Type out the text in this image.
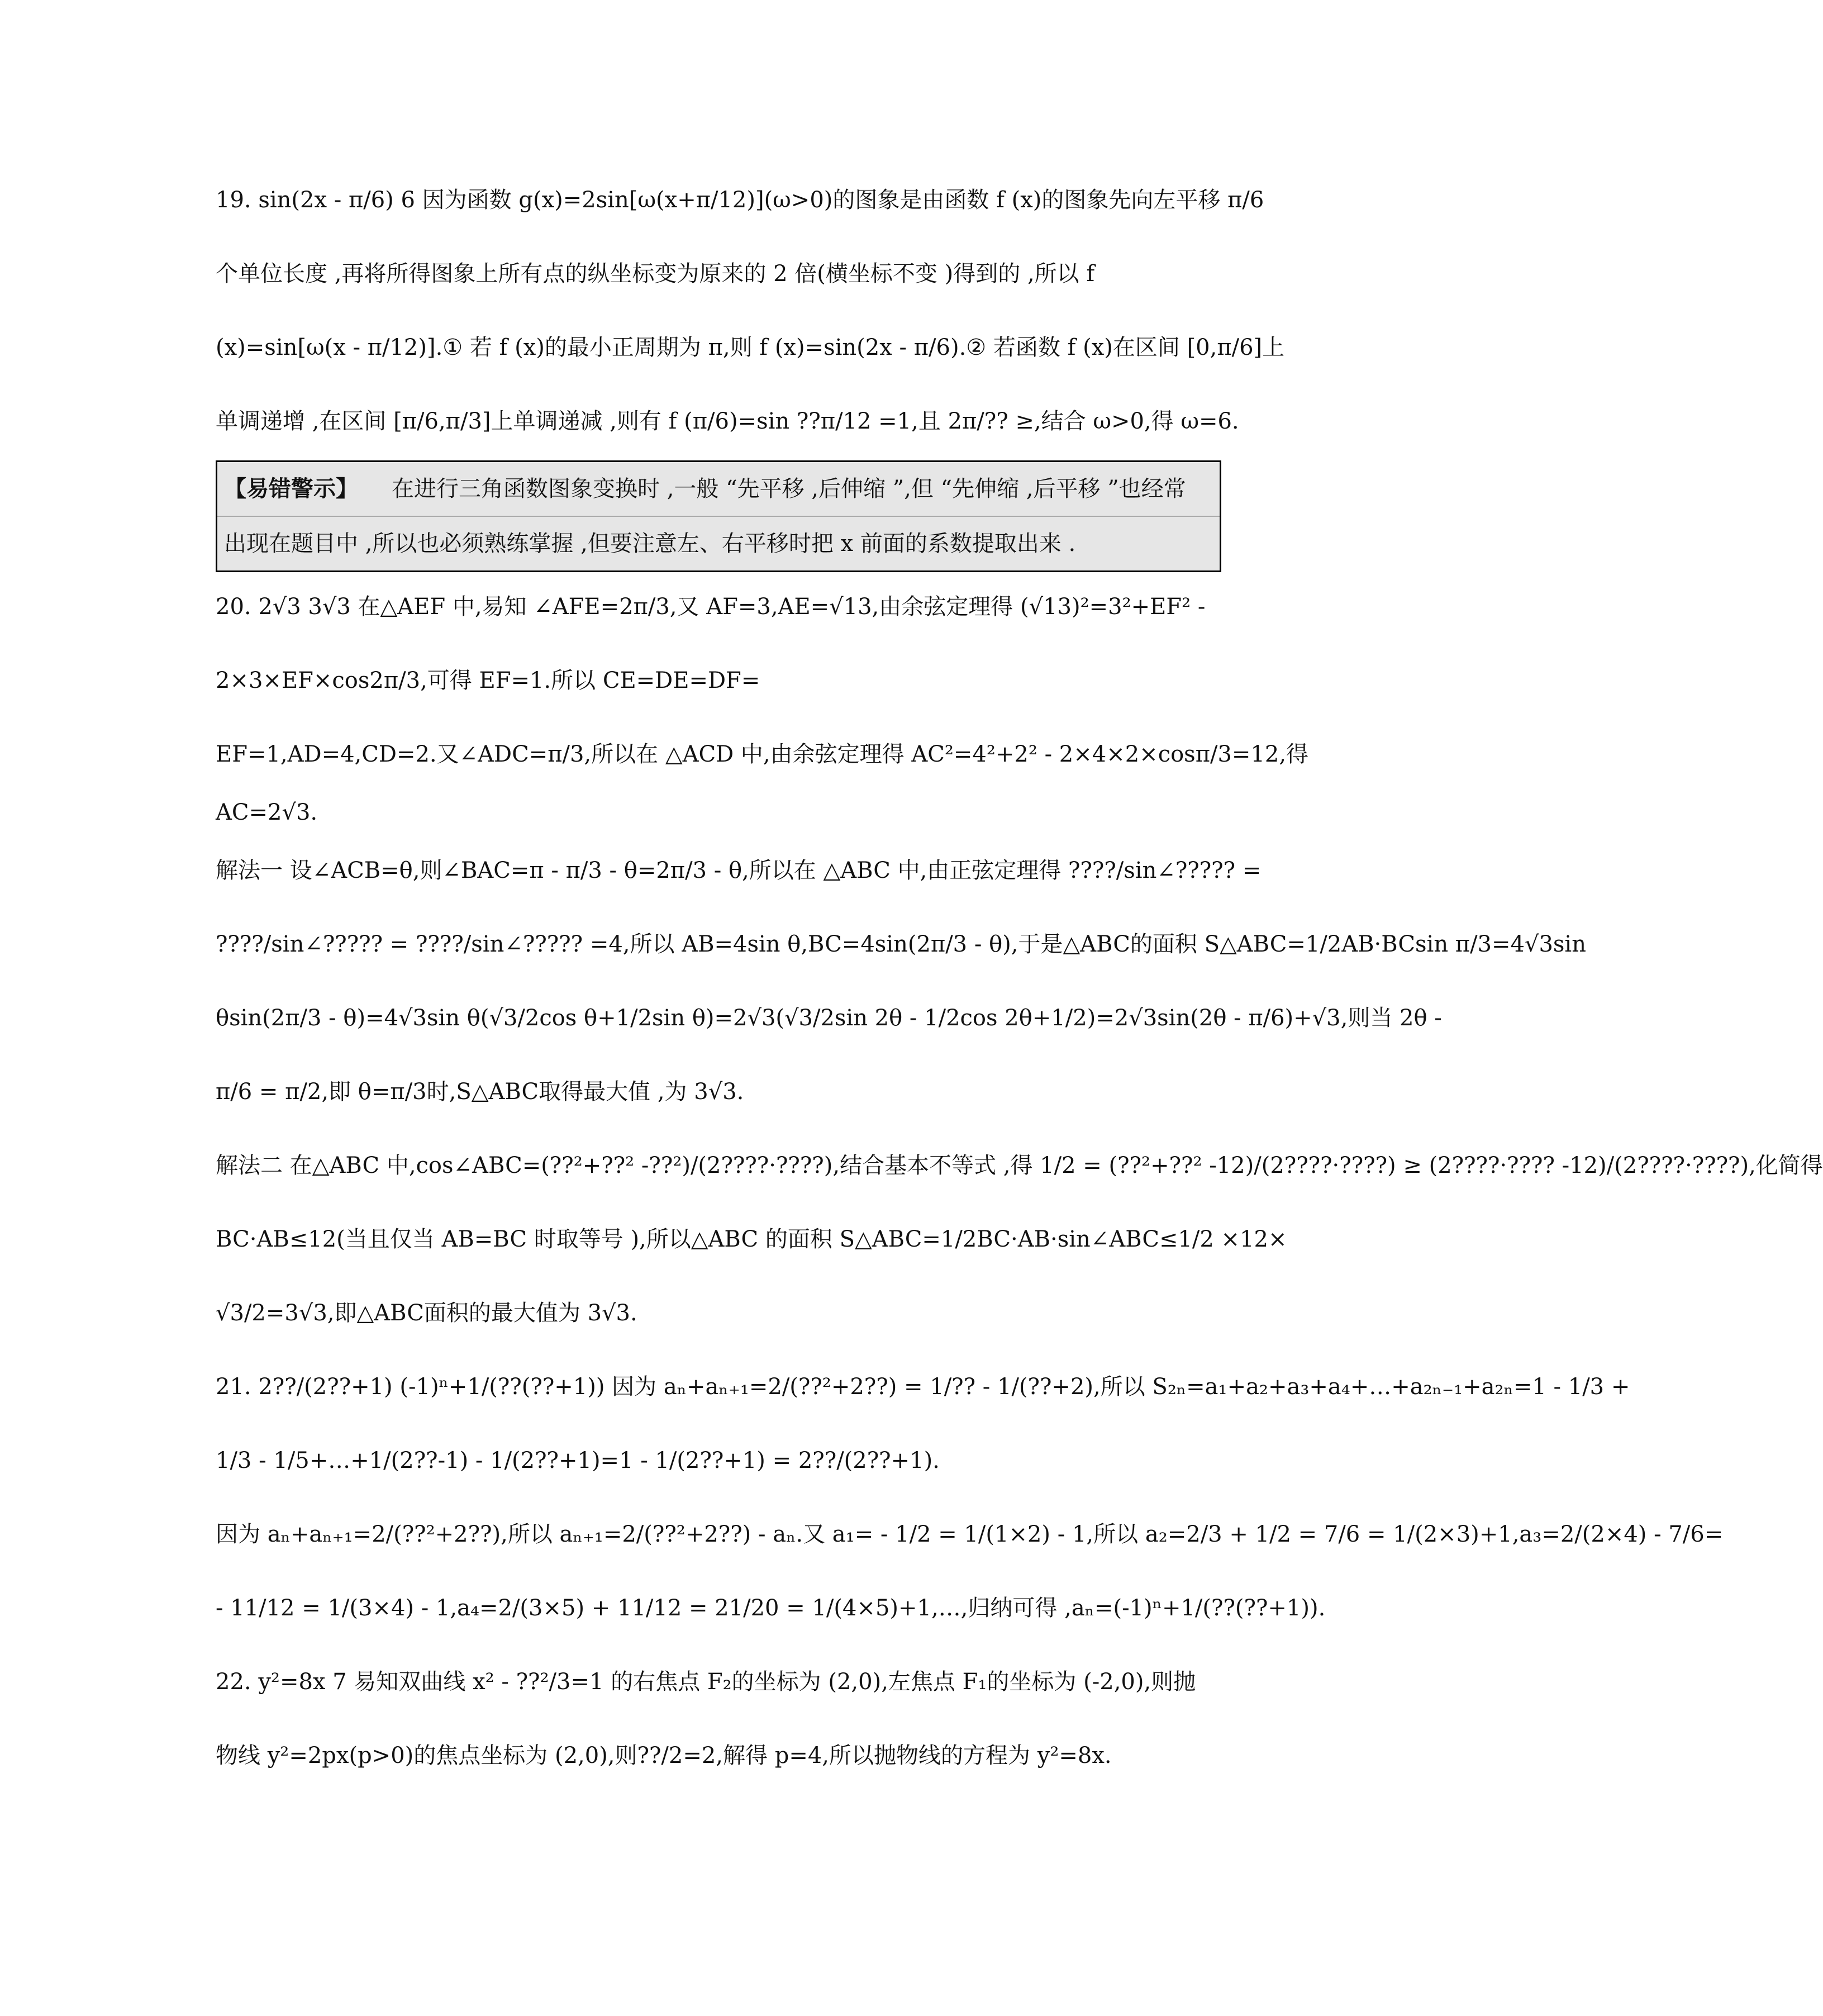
19. sin(2x - π/6) 6 因为函数 g(x)=2sin[ω(x+π/12)](ω>0)的图象是由函数 f (x)的图象先向左平移 π/6
个单位长度 ,再将所得图象上所有点的纵坐标变为原来的 2 倍(横坐标不变 )得到的 ,所以 f
(x)=sin[ω(x - π/12)].① 若 f (x)的最小正周期为 π,则 f (x)=sin(2x - π/6).② 若函数 f (x)在区间 [0,π/6]上
单调递增 ,在区间 [π/6,π/3]上单调递减 ,则有 f (π/6)=sin ??π/12 =1,且 2π/?? ≥,结合 ω>0,得 ω=6.
【易错警示】 在进行三角函数图象变换时 ,一般 “先平移 ,后伸缩 ”,但 “先伸缩 ,后平移 ”也经常
出现在题目中 ,所以也必须熟练掌握 ,但要注意左、右平移时把 x 前面的系数提取出来 .
20. 2√3 3√3 在△AEF 中,易知 ∠AFE=2π/3,又 AF=3,AE=√13,由余弦定理得 (√13)²=3²+EF² -
2×3×EF×cos2π/3,可得 EF=1.所以 CE=DE=DF=
EF=1,AD=4,CD=2.又∠ADC=π/3,所以在 △ACD 中,由余弦定理得 AC²=4²+2² - 2×4×2×cosπ/3=12,得
AC=2√3.
解法一 设∠ACB=θ,则∠BAC=π - π/3 - θ=2π/3 - θ,所以在 △ABC 中,由正弦定理得 ????/sin∠????? =
????/sin∠????? = ????/sin∠????? =4,所以 AB=4sin θ,BC=4sin(2π/3 - θ),于是△ABC的面积 S△ABC=1/2AB·BCsin π/3=4√3sin
θsin(2π/3 - θ)=4√3sin θ(√3/2cos θ+1/2sin θ)=2√3(√3/2sin 2θ - 1/2cos 2θ+1/2)=2√3sin(2θ - π/6)+√3,则当 2θ -
π/6 = π/2,即 θ=π/3时,S△ABC取得最大值 ,为 3√3.
解法二 在△ABC 中,cos∠ABC=(??²+??² -??²)/(2????·????),结合基本不等式 ,得 1/2 = (??²+??² -12)/(2????·????) ≥ (2????·???? -12)/(2????·????),化简得
BC·AB≤12(当且仅当 AB=BC 时取等号 ),所以△ABC 的面积 S△ABC=1/2BC·AB·sin∠ABC≤1/2 ×12×
√3/2=3√3,即△ABC面积的最大值为 3√3.
21. 2??/(2??+1) (-1)ⁿ+1/(??(??+1)) 因为 aₙ+aₙ₊₁=2/(??²+2??) = 1/?? - 1/(??+2),所以 S₂ₙ=a₁+a₂+a₃+a₄+…+a₂ₙ₋₁+a₂ₙ=1 - 1/3 +
1/3 - 1/5+…+1/(2??-1) - 1/(2??+1)=1 - 1/(2??+1) = 2??/(2??+1).
因为 aₙ+aₙ₊₁=2/(??²+2??),所以 aₙ₊₁=2/(??²+2??) - aₙ.又 a₁= - 1/2 = 1/(1×2) - 1,所以 a₂=2/3 + 1/2 = 7/6 = 1/(2×3)+1,a₃=2/(2×4) - 7/6=
- 11/12 = 1/(3×4) - 1,a₄=2/(3×5) + 11/12 = 21/20 = 1/(4×5)+1,…,归纳可得 ,aₙ=(-1)ⁿ+1/(??(??+1)).
22. y²=8x 7 易知双曲线 x² - ??²/3=1 的右焦点 F₂的坐标为 (2,0),左焦点 F₁的坐标为 (-2,0),则抛
物线 y²=2px(p>0)的焦点坐标为 (2,0),则??/2=2,解得 p=4,所以抛物线的方程为 y²=8x.
